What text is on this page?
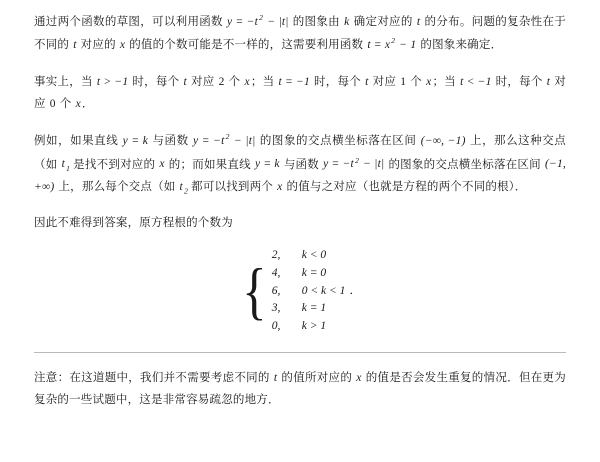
通过两个函数的草图，可以利用函数 $y = -t^2 - |t|$ 的图象由 k 确定对应的 t 的分布。问题的复杂性在于不同的 t 对应的 x 的值的个数可能是不一样的，这需要利用函数 $t = x^2 - 1$ 的图象来确定．

事实上，当 t > −1 时，每个 t 对应 2 个 x；当 t = −1 时，每个 t 对应 1 个 x；当 t < −1 时，每个 t 对应 0 个 x．

例如，如果直线 y = k 与函数 $y = -t^2 - |t|$ 的图象的交点横坐标落在区间 (−∞, −1) 上，那么这种交点（如 $t_1$ 是找不到对应的 x 的；而如果直线 y = k 与函数 $y = -t^2 - |t|$ 的图象的交点横坐标落在区间 (−1, +∞) 上，那么每个交点（如 $t_2$ 都可以找到两个 x 的值与之对应（也就是方程的两个不同的根）．

因此不难得到答案，原方程根的个数为

{
2,	k < 0
4,	k = 0
6,	0 < k < 1 ．
3,	k = 1
0,	k > 1

注意：在这道题中，我们并不需要考虑不同的 t 的值所对应的 x 的值是否会发生重复的情况．但在更为复杂的一些试题中，这是非常容易疏忽的地方．
